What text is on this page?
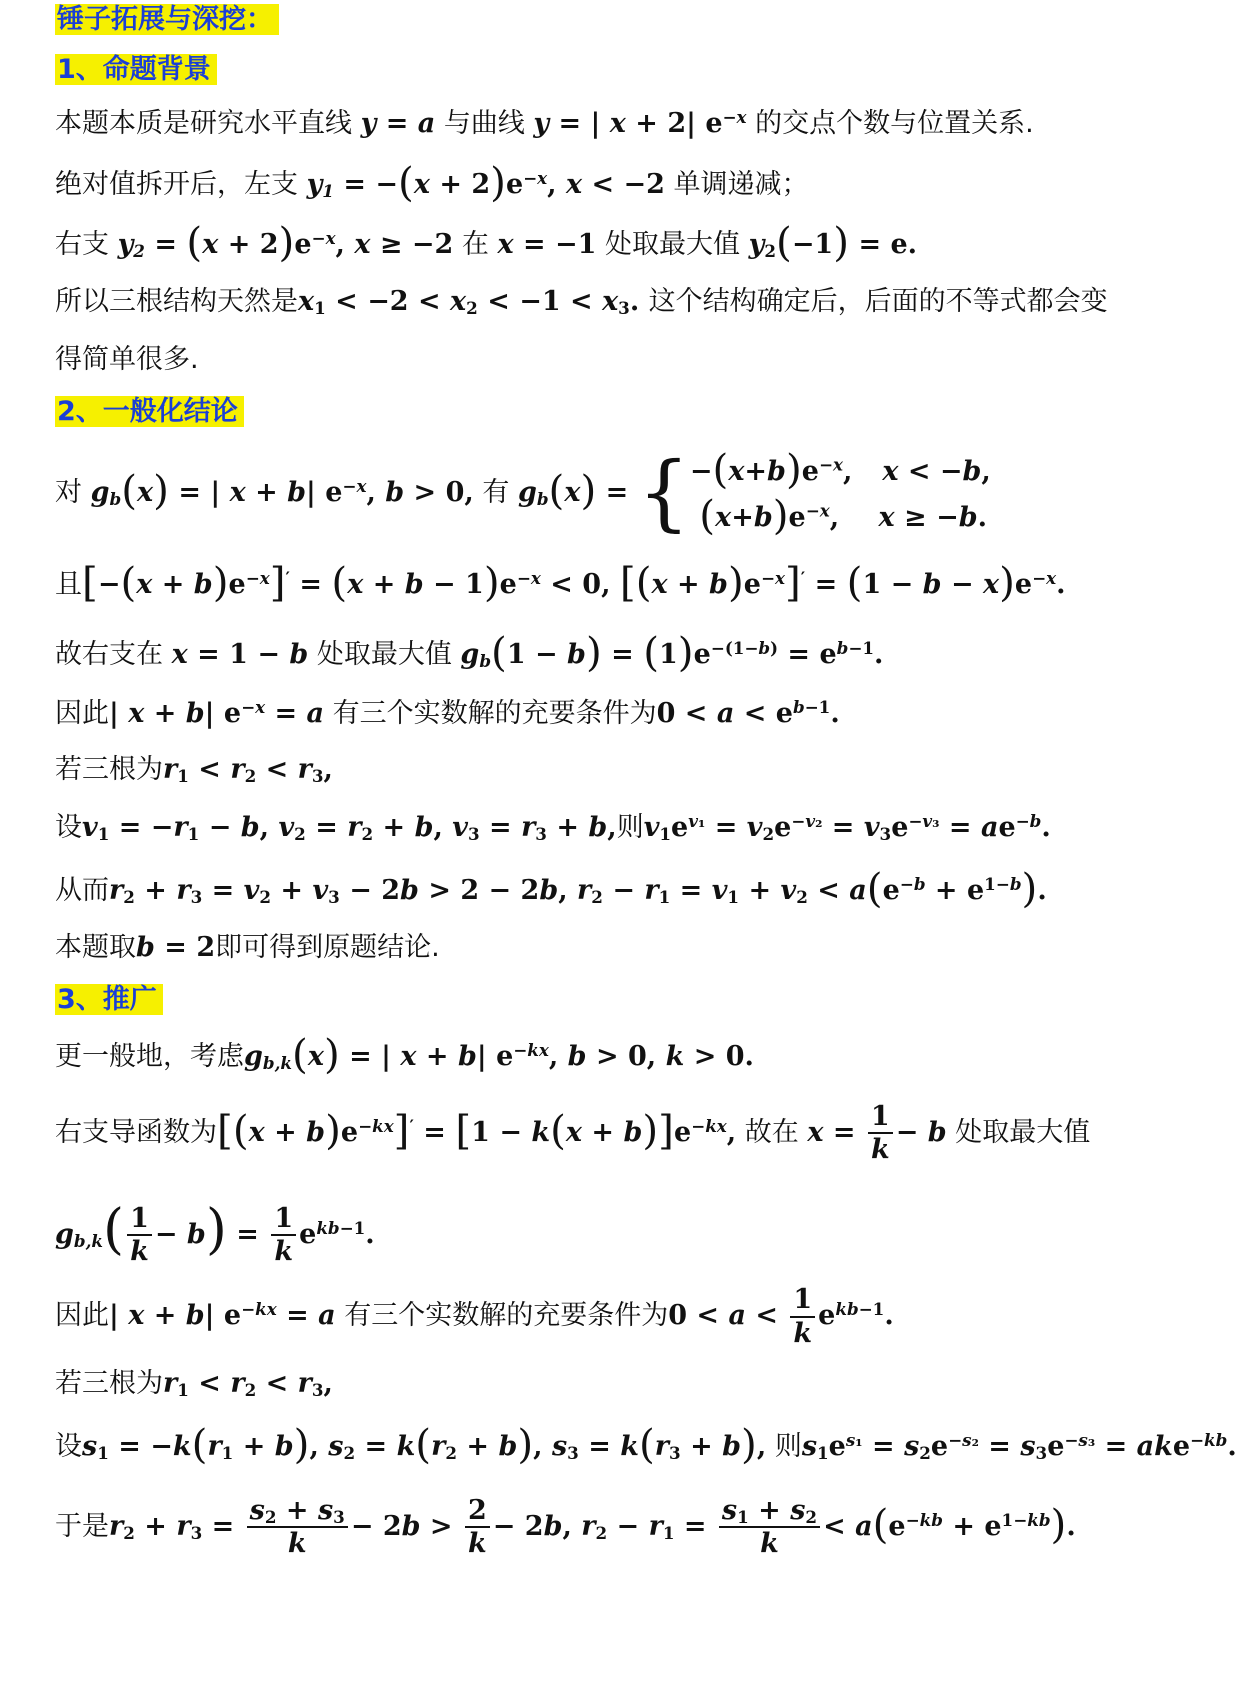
锤子拓展与深挖：
1、命题背景
本题本质是研究水平直线 y = a 与曲线 y = | x + 2| $e^{-x}$ 的交点个数与位置关系.
绝对值拆开后，左支 $y_1 = -(x + 2)e^{-x}$, x < −2 单调递减；
右支 $y_2 = (x + 2)e^{-x}$, x ≥ −2 在 x = −1 处取最大值 $y_2(-1) = e$.
所以三根结构天然是$x_1 < -2 < x_2 < -1 < x_3$. 这个结构确定后，后面的不等式都会变
得简单很多.
2、一般化结论
对 $g_b(x)$ = | x + b| $e^{-x}$, b > 0, 有 $g_b(x)$ = { $-(x+b)e^{-x}$, x < −b,
$(x+b)e^{-x}$, x ≥ −b.
且$[-(x + b)e^{-x}]' = (x + b - 1)e^{-x} < 0$, $[(x + b)e^{-x}]' = (1 - b - x)e^{-x}$.
故右支在 x = 1 − b 处取最大值 $g_b(1 - b) = (1)e^{-(1-b)} = e^{b-1}$.
因此| x + b| $e^{-x} = a$ 有三个实数解的充要条件为$0 < a < e^{b-1}$.
若三根为$r_1 < r_2 < r_3$,
设$v_1 = -r_1 - b$, $v_2 = r_2 + b$, $v_3 = r_3 + b$,则$v_1e^{v_1} = v_2e^{-v_2} = v_3e^{-v_3} = ae^{-b}$.
从而$r_2 + r_3 = v_2 + v_3 - 2b > 2 - 2b$, $r_2 - r_1 = v_1 + v_2 < a(e^{-b} + e^{1-b})$.
本题取b = 2即可得到原题结论.
3、推广
更一般地，考虑$g_{b,k}(x)$ = | x + b| $e^{-kx}$, b > 0, k > 0.
右支导函数为$[(x + b)e^{-kx}]' = [1 - k(x + b)]e^{-kx}$, 故在 $x = \frac{1}{k} - b$ 处取最大值
$g_{b,k}( \frac{1}{k} - b) = \frac{1}{k} e^{kb-1}$.
因此| x + b| $e^{-kx} = a$ 有三个实数解的充要条件为$0 < a < \frac{1}{k} e^{kb-1}$.
若三根为$r_1 < r_2 < r_3$,
设$s_1 = -k(r_1 + b)$, $s_2 = k(r_2 + b)$, $s_3 = k(r_3 + b)$, 则$s_1e^{s_1} = s_2e^{-s_2} = s_3e^{-s_3} = ake^{-kb}$.
于是$r_2 + r_3 = \frac{s_2 + s_3}{k} - 2b > \frac{2}{k} - 2b$, $r_2 - r_1 = \frac{s_1 + s_2}{k} < a(e^{-kb} + e^{1-kb})$.
